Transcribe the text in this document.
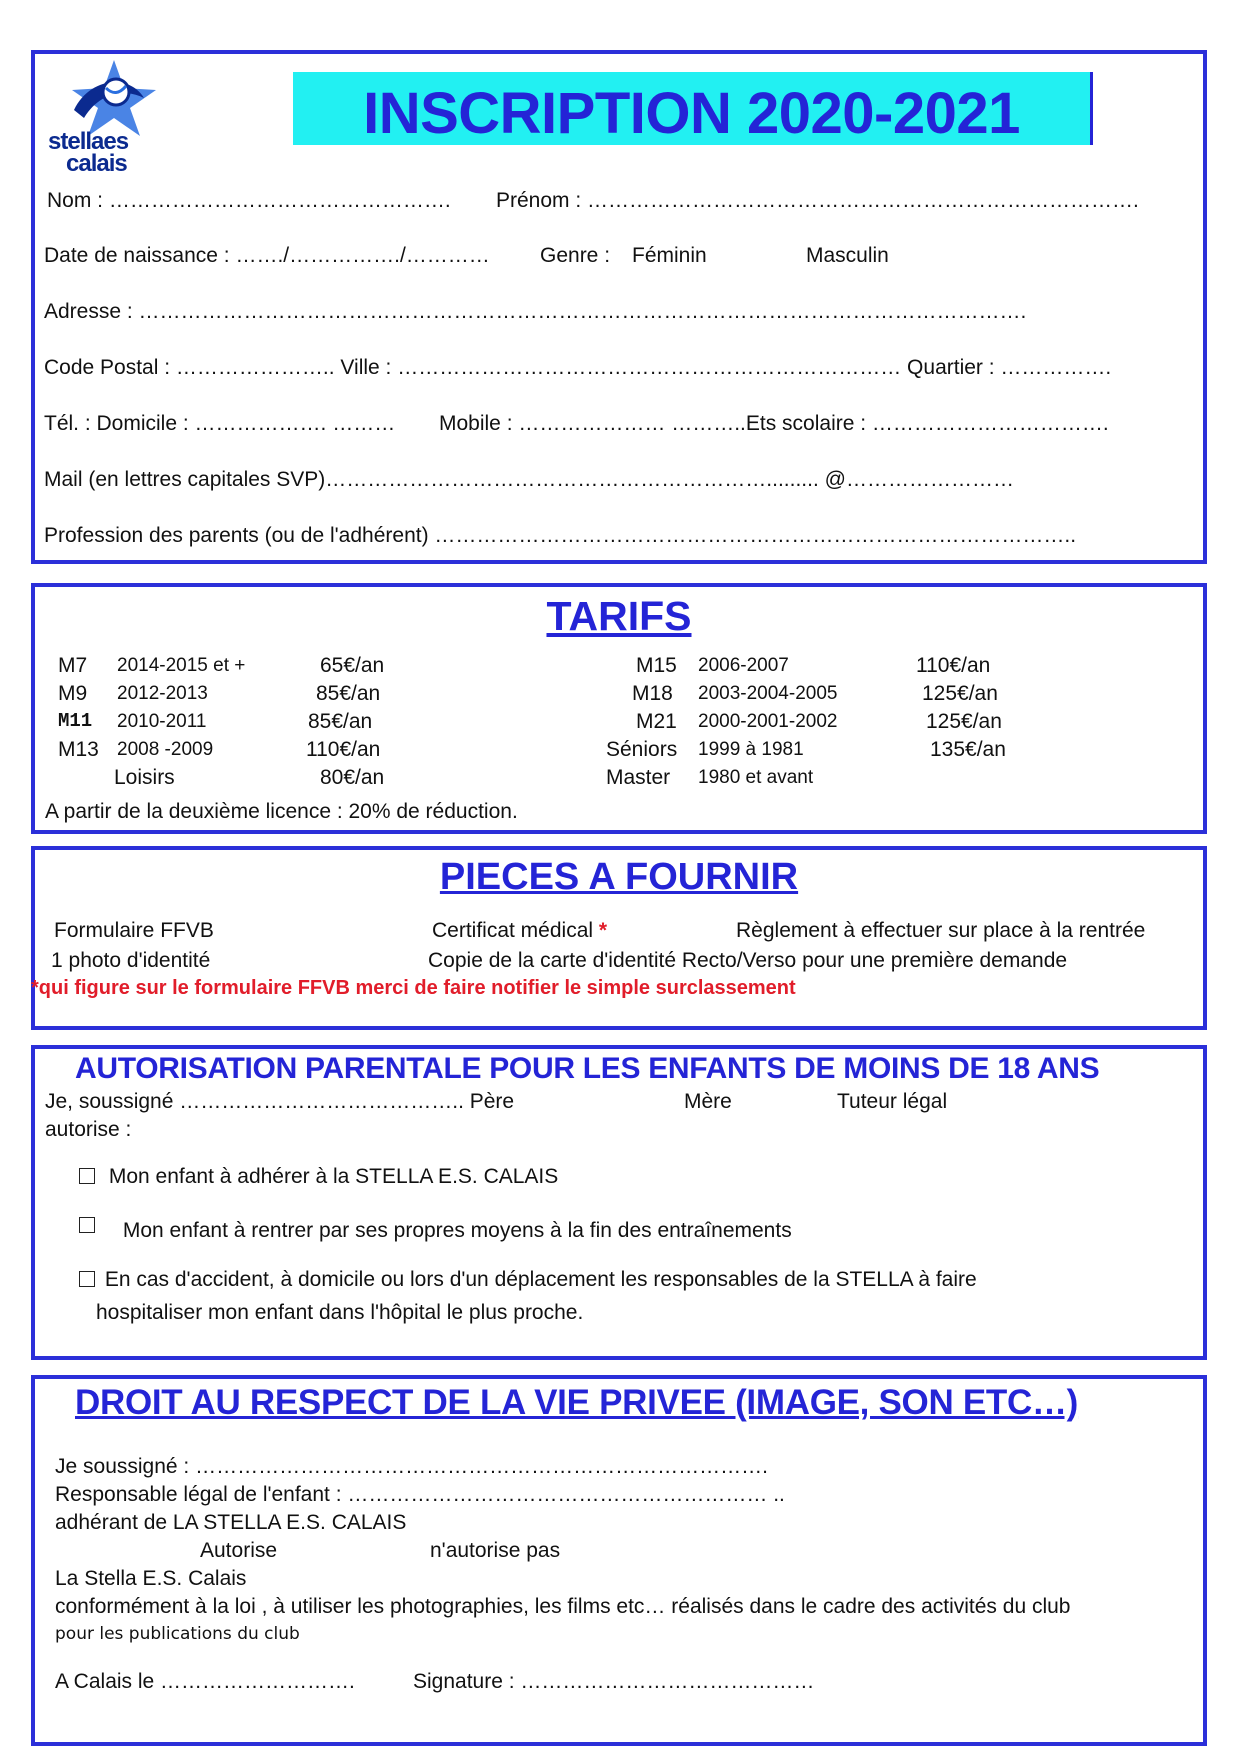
stellaes
calais
INSCRIPTION 2020-2021
Nom : …………………………………………. Prénom : …………………………………………………………………….
Date de naissance : ……./……………./………… Genre : Féminin	Masculin
Adresse : ……………………………………………………………………………………………………………….
Code Postal : ………………….. Ville : ……………………………………………………………… Quartier : …………….
Tél. : Domicile : ………………. ……… Mobile : ………………… ………..Ets scolaire : …………………………….
Mail (en lettres capitales SVP)………………………………………………………......... @……………………
Profession des parents (ou de l'adhérent) ………………………………………………………………………………..
TARIFS
A partir de la deuxième licence : 20% de réduction.
PIECES A FOURNIR
Formulaire FFVB	Certificat médical *	Règlement à effectuer sur place à la rentrée
1 photo d'identité	Copie de la carte d'identité Recto/Verso pour une première demande
*qui figure sur le formulaire FFVB merci de faire notifier le simple surclassement
AUTORISATION PARENTALE POUR LES ENFANTS DE MOINS DE 18 ANS
Je, soussigné ………………………………….. Père	Mère	Tuteur légal
autorise :
Mon enfant à adhérer à la STELLA E.S. CALAIS
Mon enfant à rentrer par ses propres moyens à la fin des entraînements
En cas d'accident, à domicile ou lors d'un déplacement les responsables de la STELLA à faire
hospitaliser mon enfant dans l'hôpital le plus proche.
DROIT AU RESPECT DE LA VIE PRIVEE (IMAGE, SON ETC…)
Je soussigné : ……………………………………………………………………….
Responsable légal de l'enfant : …………………………………………………… ..
adhérant de LA STELLA E.S. CALAIS
Autorise	n'autorise pas
La Stella E.S. Calais
conformément à la loi , à utiliser les photographies, les films etc… réalisés dans le cadre des activités du club
pour les publications du club
A Calais le ……………………….	Signature : ……………………………………
M7 2014-2015 et +	65€/an
M9 2012-2013	85€/an
M11 2010-2011	85€/an
M13 2008 -2009	110€/an
Loisirs	80€/an
M15 2006-2007	110€/an
M18 2003-2004-2005	125€/an
M21 2000-2001-2002	125€/an
Séniors 1999 à 1981	135€/an
Master 1980 et avant
